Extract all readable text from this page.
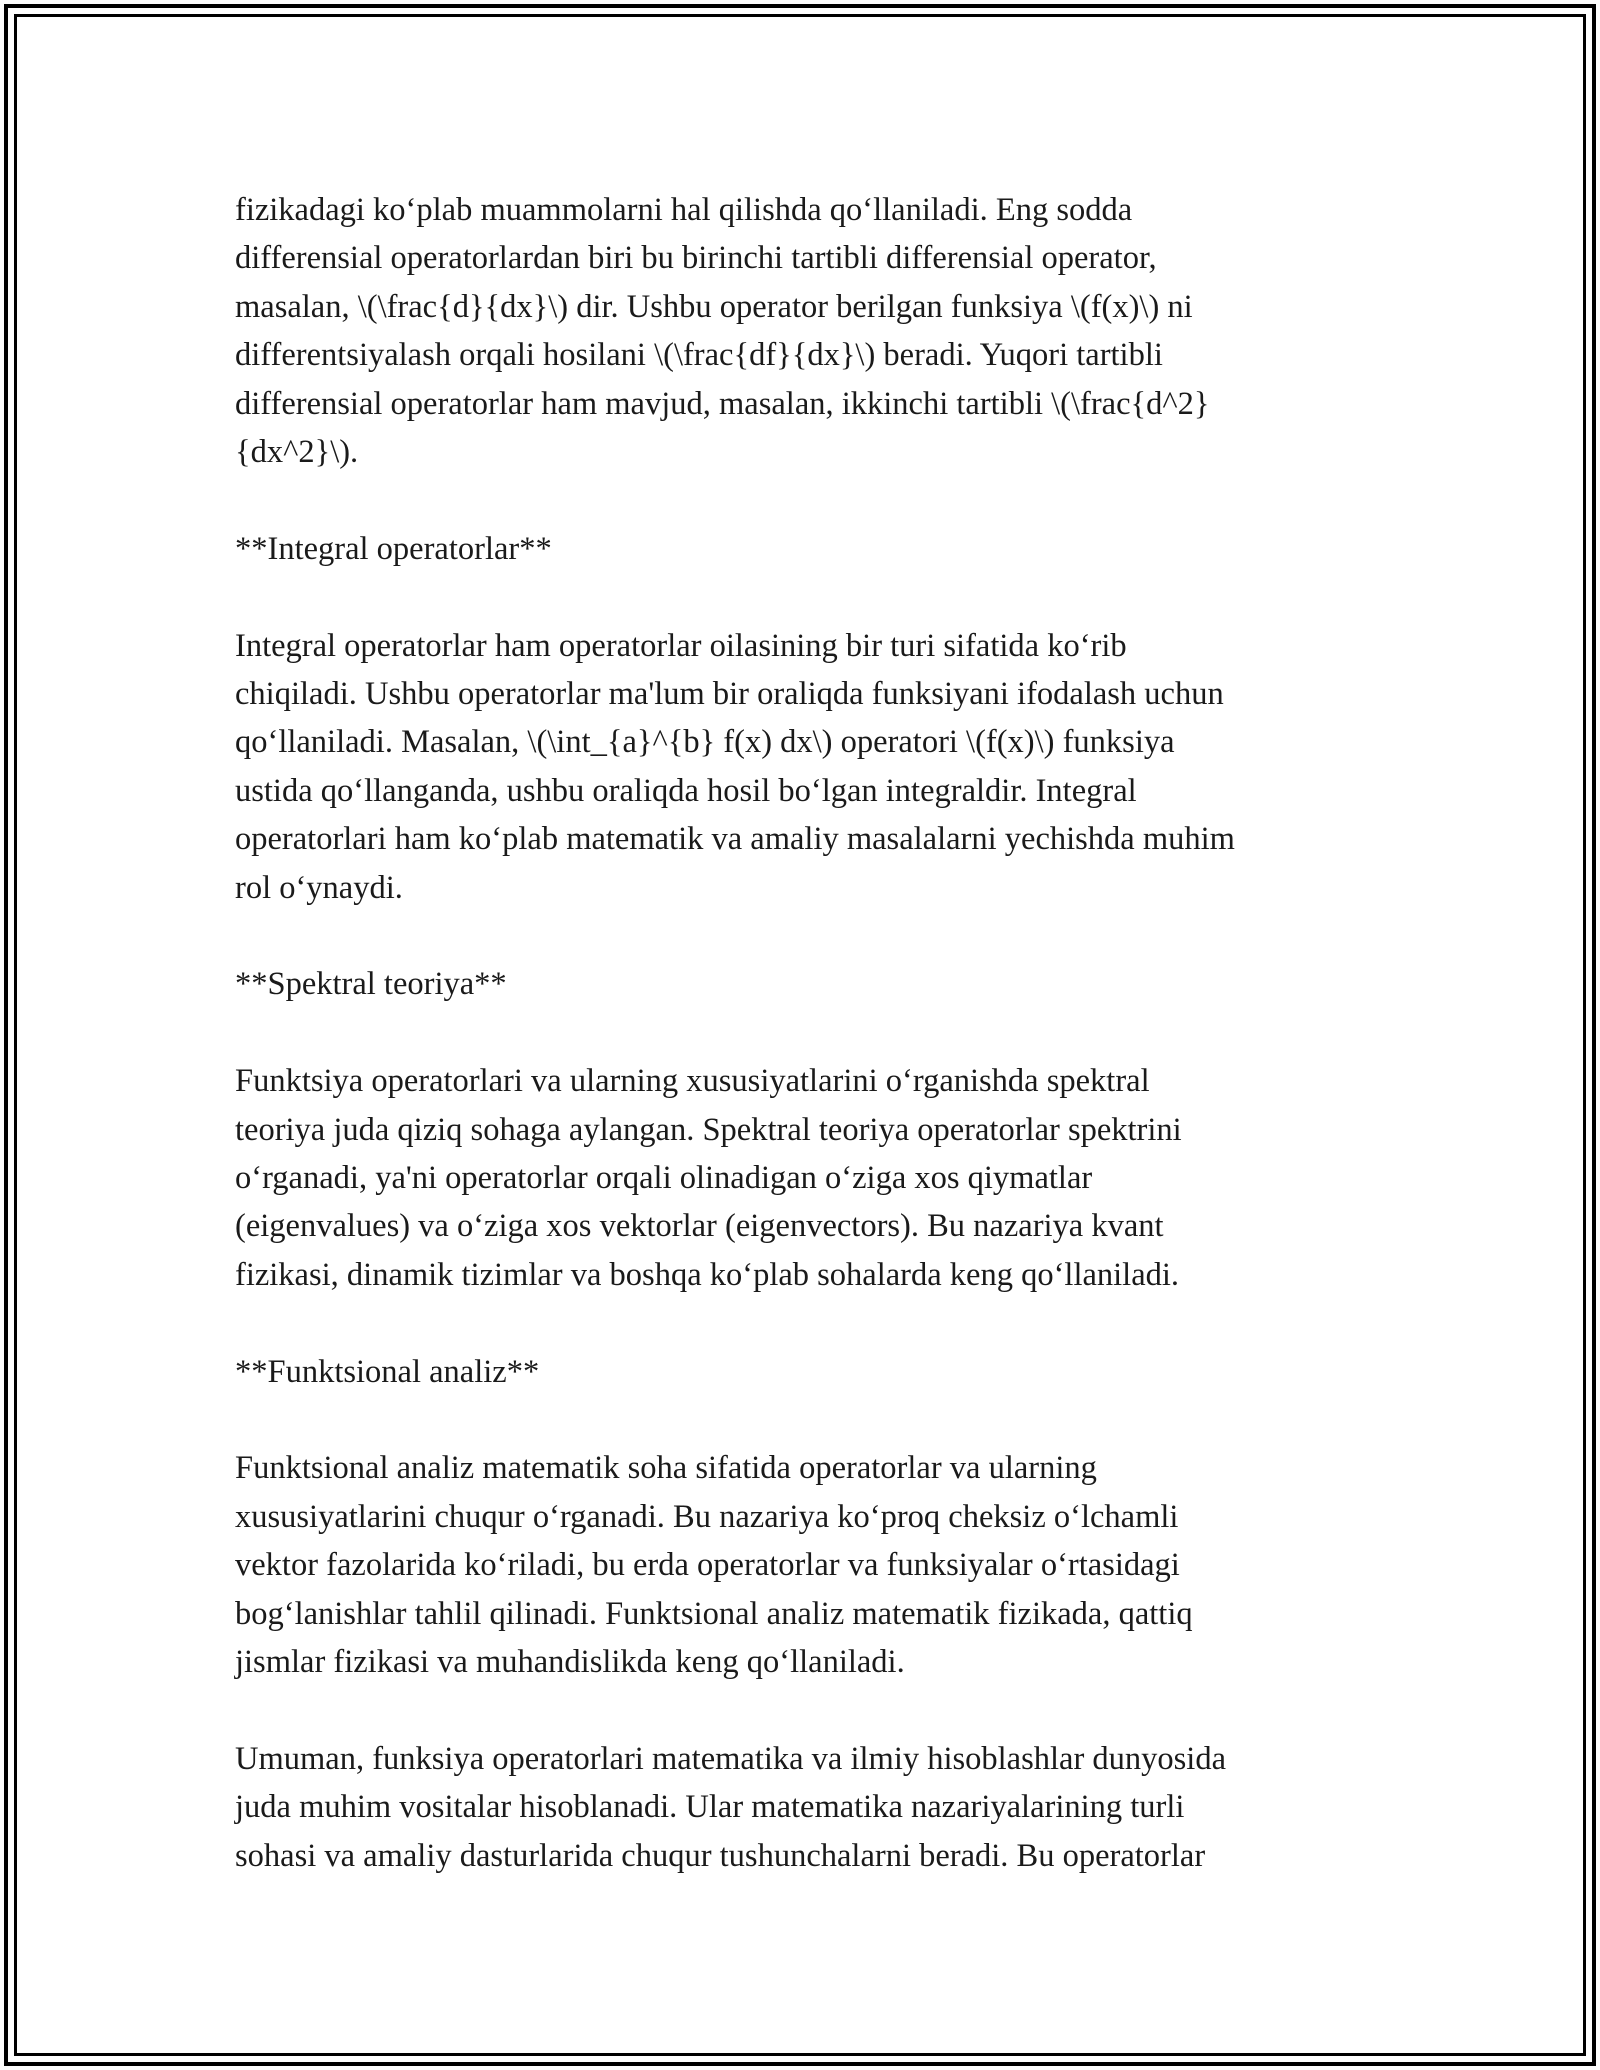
fizikadagi ko‘plab muammolarni hal qilishda qo‘llaniladi. Eng sodda
differensial operatorlardan biri bu birinchi tartibli differensial operator,
masalan, \(\frac{d}{dx}\) dir. Ushbu operator berilgan funksiya \(f(x)\) ni
differentsiyalash orqali hosilani \(\frac{df}{dx}\) beradi. Yuqori tartibli
differensial operatorlar ham mavjud, masalan, ikkinchi tartibli \(\frac{d^2}
{dx^2}\).

**Integral operatorlar**

Integral operatorlar ham operatorlar oilasining bir turi sifatida ko‘rib
chiqiladi. Ushbu operatorlar ma'lum bir oraliqda funksiyani ifodalash uchun
qo‘llaniladi. Masalan, \(\int_{a}^{b} f(x) dx\) operatori \(f(x)\) funksiya
ustida qo‘llanganda, ushbu oraliqda hosil bo‘lgan integraldir. Integral
operatorlari ham ko‘plab matematik va amaliy masalalarni yechishda muhim
rol o‘ynaydi.

**Spektral teoriya**

Funktsiya operatorlari va ularning xususiyatlarini o‘rganishda spektral
teoriya juda qiziq sohaga aylangan. Spektral teoriya operatorlar spektrini
o‘rganadi, ya'ni operatorlar orqali olinadigan o‘ziga xos qiymatlar
(eigenvalues) va o‘ziga xos vektorlar (eigenvectors). Bu nazariya kvant
fizikasi, dinamik tizimlar va boshqa ko‘plab sohalarda keng qo‘llaniladi.

**Funktsional analiz**

Funktsional analiz matematik soha sifatida operatorlar va ularning
xususiyatlarini chuqur o‘rganadi. Bu nazariya ko‘proq cheksiz o‘lchamli
vektor fazolarida ko‘riladi, bu erda operatorlar va funksiyalar o‘rtasidagi
bog‘lanishlar tahlil qilinadi. Funktsional analiz matematik fizikada, qattiq
jismlar fizikasi va muhandislikda keng qo‘llaniladi.

Umuman, funksiya operatorlari matematika va ilmiy hisoblashlar dunyosida
juda muhim vositalar hisoblanadi. Ular matematika nazariyalarining turli
sohasi va amaliy dasturlarida chuqur tushunchalarni beradi. Bu operatorlar
